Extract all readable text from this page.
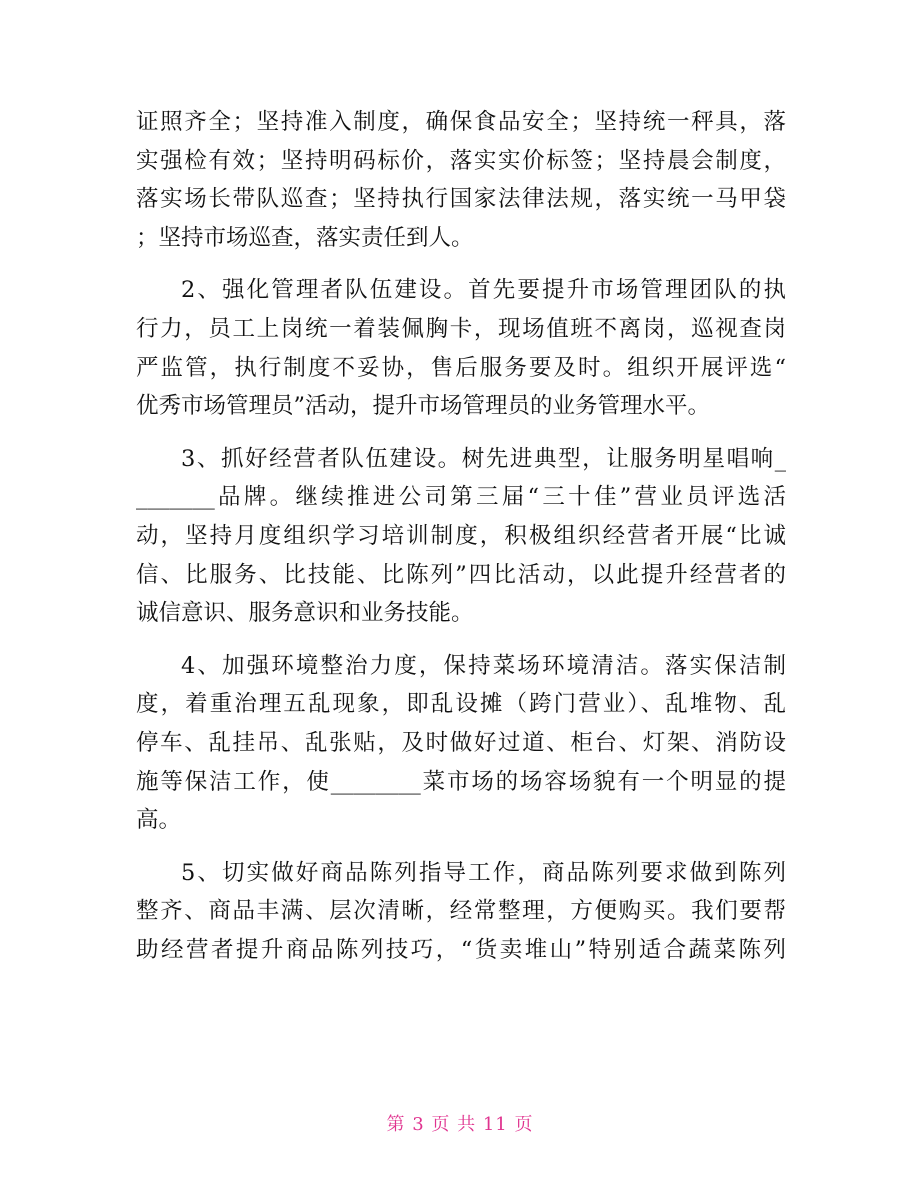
证照齐全；坚持准入制度，确保食品安全；坚持统一秤具，落
实强检有效；坚持明码标价，落实实价标签；坚持晨会制度，
落实场长带队巡查；坚持执行国家法律法规，落实统一马甲袋
；坚持市场巡查，落实责任到人。
2、强化管理者队伍建设。首先要提升市场管理团队的执
行力，员工上岗统一着装佩胸卡，现场值班不离岗，巡视查岗
严监管，执行制度不妥协，售后服务要及时。组织开展评选“
优秀市场管理员”活动，提升市场管理员的业务管理水平。
3、抓好经营者队伍建设。树先进典型，让服务明星唱响_
_______品牌。继续推进公司第三届“三十佳”营业员评选活
动，坚持月度组织学习培训制度，积极组织经营者开展“比诚
信、比服务、比技能、比陈列”四比活动，以此提升经营者的
诚信意识、服务意识和业务技能。
4、加强环境整治力度，保持菜场环境清洁。落实保洁制
度，着重治理五乱现象，即乱设摊（跨门营业）、乱堆物、乱
停车、乱挂吊、乱张贴，及时做好过道、柜台、灯架、消防设
施等保洁工作，使________菜市场的场容场貌有一个明显的提
高。
5、切实做好商品陈列指导工作，商品陈列要求做到陈列
整齐、商品丰满、层次清晰，经常整理，方便购买。我们要帮
助经营者提升商品陈列技巧，“货卖堆山”特别适合蔬菜陈列
第 3 页 共 11 页
